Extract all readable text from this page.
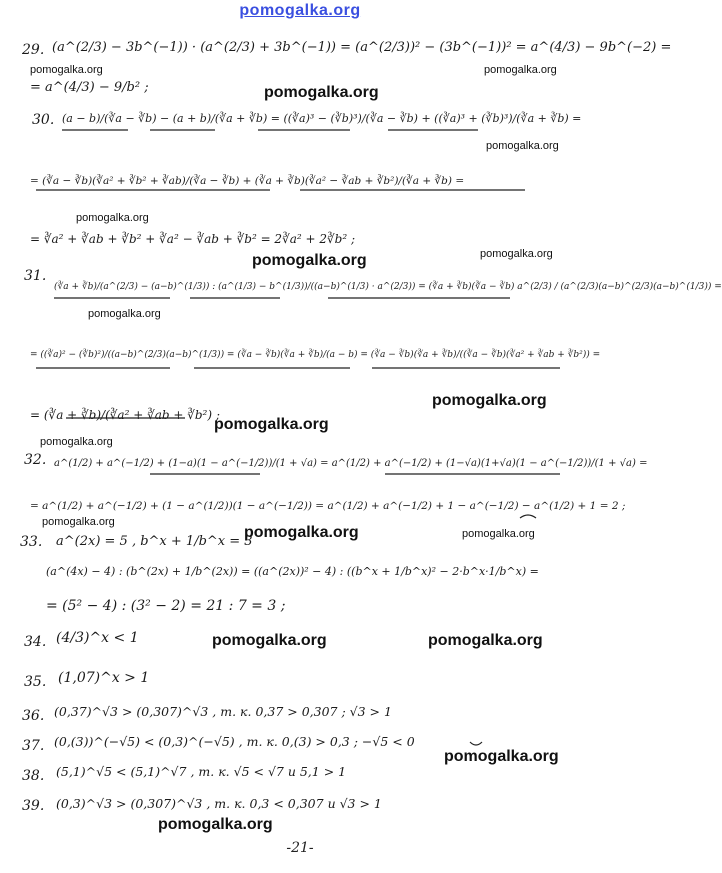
pomogalka.org
29. (a^(2/3) − 3b^(−1)) · (a^(2/3) + 3b^(−1)) = (a^(2/3))² − (3b^(−1))² = a^(4/3) − 9b^(−2) =
= a^(4/3) − 9/b² ;
30. (a − b)/(∛a − ∛b) − (a + b)/(∛a + ∛b) = ((∛a)³ − (∛b)³)/(∛a − ∛b) + ((∛a)³ + (∛b)³)/(∛a + ∛b) =
= (∛a − ∛b)(∛a² + ∛b² + ∛ab)/(∛a − ∛b) + (∛a + ∛b)(∛a² − ∛ab + ∛b²)/(∛a + ∛b) =
= ∛a² + ∛ab + ∛b² + ∛a² − ∛ab + ∛b² = 2∛a² + 2∛b² ;
31.
(∛a + ∛b)/(a^(2/3) − (a−b)^(1/3)) : (a^(1/3) − b^(1/3))/((a−b)^(1/3) · a^(2/3)) = (∛a + ∛b)(∛a − ∛b) a^(2/3) / (a^(2/3)(a−b)^(2/3)(a−b)^(1/3)) =
= ((∛a)² − (∛b)²)/((a−b)^(2/3)(a−b)^(1/3)) = (∛a − ∛b)(∛a + ∛b)/(a − b) = (∛a − ∛b)(∛a + ∛b)/((∛a − ∛b)(∛a² + ∛ab + ∛b²)) =
= (∛a + ∛b)/(∛a² + ∛ab + ∛b²) ;
32. a^(1/2) + a^(−1/2) + (1−a)(1 − a^(−1/2))/(1 + √a) = a^(1/2) + a^(−1/2) + (1−√a)(1+√a)(1 − a^(−1/2))/(1 + √a) =
= a^(1/2) + a^(−1/2) + (1 − a^(1/2))(1 − a^(−1/2)) = a^(1/2) + a^(−1/2) + 1 − a^(−1/2) − a^(1/2) + 1 = 2 ;
33. a^(2x) = 5 , b^x + 1/b^x = 3
(a^(4x) − 4) : (b^(2x) + 1/b^(2x)) = ((a^(2x))² − 4) : ((b^x + 1/b^x)² − 2·b^x·1/b^x) =
= (5² − 4) : (3² − 2) = 21 : 7 = 3 ;
34. (4/3)^x < 1
35. (1,07)^x > 1
36. (0,37)^√3 > (0,307)^√3 , т. к. 0,37 > 0,307 ; √3 > 1
37. (0,(3))^(−√5) < (0,3)^(−√5) , т. к. 0,(3) > 0,3 ; −√5 < 0
38. (5,1)^√5 < (5,1)^√7 , т. к. √5 < √7 и 5,1 > 1
39. (0,3)^√3 > (0,307)^√3 , т. к. 0,3 < 0,307 и √3 > 1
pomogalka.org	pomogalka.org
pomogalka.org
pomogalka.org
pomogalka.org
pomogalka.org
pomogalka.org
pomogalka.org
pomogalka.org
pomogalka.org
pomogalka.org
pomogalka.org
pomogalka.org	pomogalka.org
pomogalka.org	pomogalka.org
pomogalka.org
pomogalka.org
-21-
